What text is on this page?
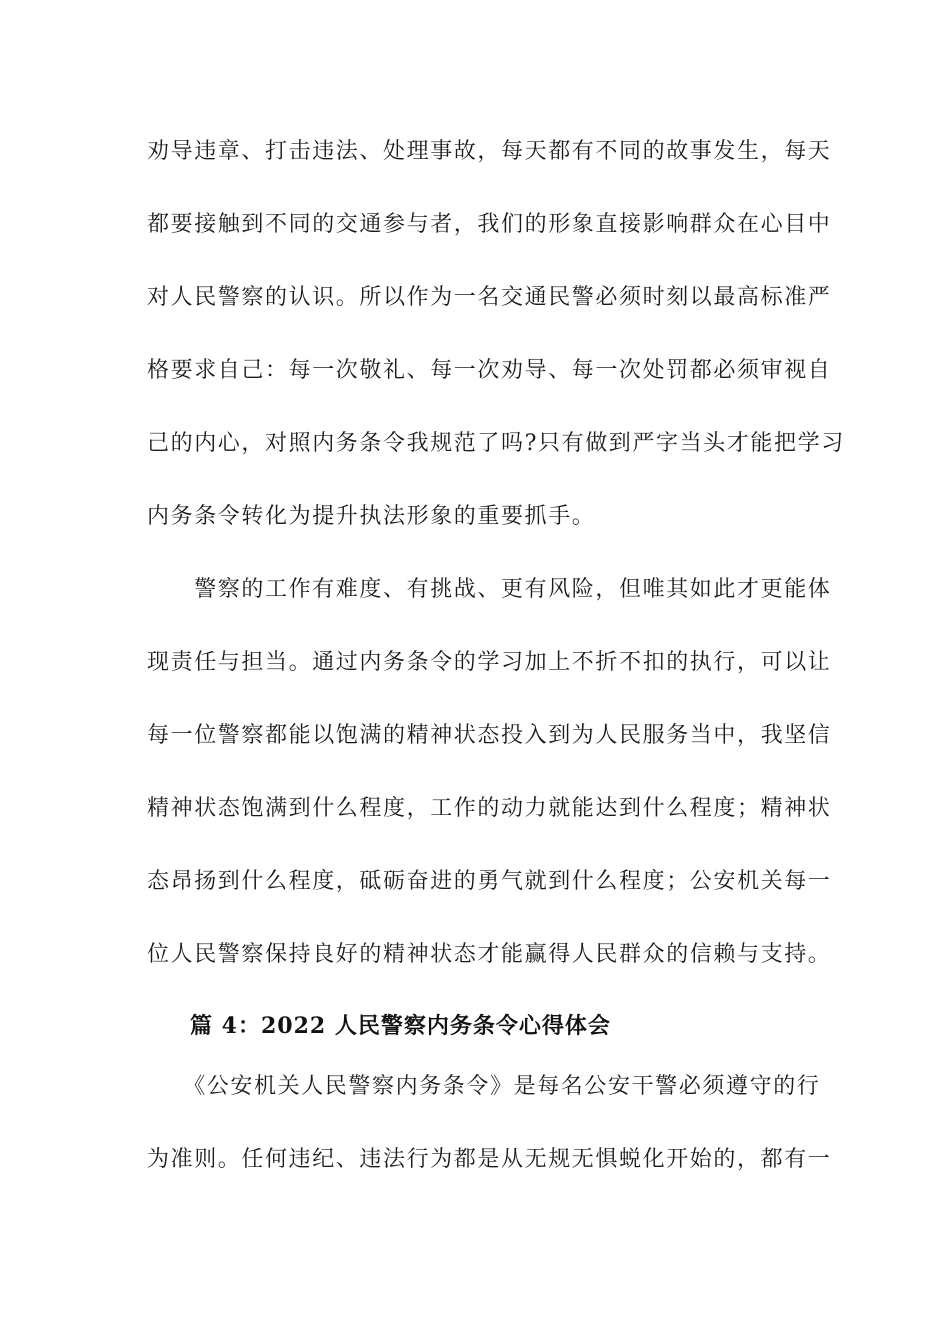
劝导违章、打击违法、处理事故，每天都有不同的故事发生，每天
都要接触到不同的交通参与者，我们的形象直接影响群众在心目中
对人民警察的认识。所以作为一名交通民警必须时刻以最高标准严
格要求自己：每一次敬礼、每一次劝导、每一次处罚都必须审视自
己的内心，对照内务条令我规范了吗?只有做到严字当头才能把学习
内务条令转化为提升执法形象的重要抓手。
　　警察的工作有难度、有挑战、更有风险，但唯其如此才更能体
现责任与担当。通过内务条令的学习加上不折不扣的执行，可以让
每一位警察都能以饱满的精神状态投入到为人民服务当中，我坚信
精神状态饱满到什么程度，工作的动力就能达到什么程度；精神状
态昂扬到什么程度，砥砺奋进的勇气就到什么程度；公安机关每一
位人民警察保持良好的精神状态才能赢得人民群众的信赖与支持。
篇 4：2022 人民警察内务条令心得体会
　　《公安机关人民警察内务条令》是每名公安干警必须遵守的行
为准则。任何违纪、违法行为都是从无规无惧蜕化开始的，都有一
